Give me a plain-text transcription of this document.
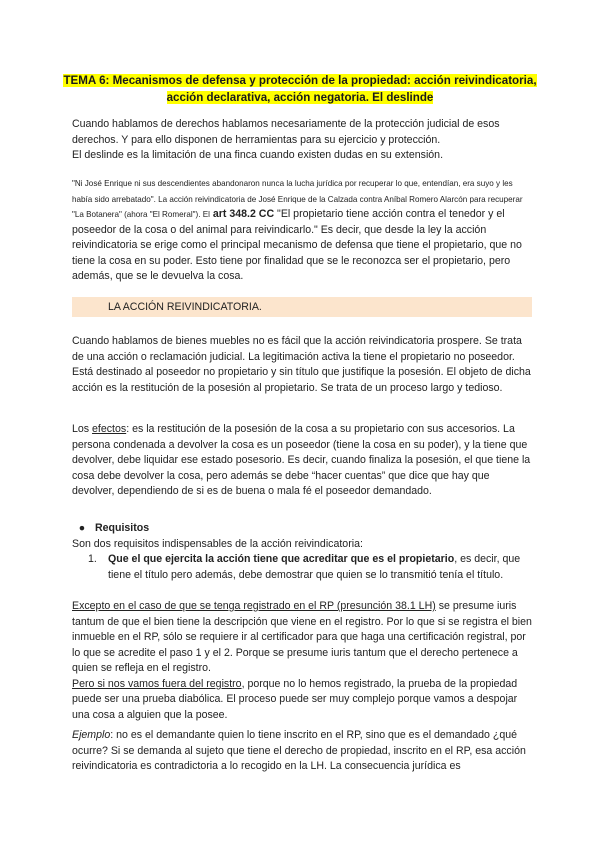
TEMA 6: Mecanismos de defensa y protección de la propiedad: acción reivindicatoria,
acción declarativa, acción negatoria. El deslinde

Cuando hablamos de derechos hablamos necesariamente de la protección judicial de esos derechos. Y para ello disponen de herramientas para su ejercicio y protección.
El deslinde es la limitación de una finca cuando existen dudas en su extensión.

"Ni José Enrique ni sus descendientes abandonaron nunca la lucha jurídica por recuperar lo que, entendían, era suyo y les había sido arrebatado". La acción reivindicatoria de José Enrique de la Calzada contra Aníbal Romero Alarcón para recuperar "La Botanera" (ahora "El Romeral"). El art 348.2 CC "El propietario tiene acción contra el tenedor y el poseedor de la cosa o del animal para reivindicarlo." Es decir, que desde la ley la acción reivindicatoria se erige como el principal mecanismo de defensa que tiene el propietario, que no tiene la cosa en su poder. Esto tiene por finalidad que se le reconozca ser el propietario, pero además, que se le devuelva la cosa.

LA ACCIÓN REIVINDICATORIA.

Cuando hablamos de bienes muebles no es fácil que la acción reivindicatoria prospere. Se trata de una acción o reclamación judicial. La legitimación activa la tiene el propietario no poseedor. Está destinado al poseedor no propietario y sin título que justifique la posesión. El objeto de dicha acción es la restitución de la posesión al propietario. Se trata de un proceso largo y tedioso.

Los efectos: es la restitución de la posesión de la cosa a su propietario con sus accesorios. La persona condenada a devolver la cosa es un poseedor (tiene la cosa en su poder), y la tiene que devolver, debe liquidar ese estado posesorio. Es decir, cuando finaliza la posesión, el que tiene la cosa debe devolver la cosa, pero además se debe “hacer cuentas” que dice que hay que devolver, dependiendo de si es de buena o mala fé el poseedor demandado.

● Requisitos
Son dos requisitos indispensables de la acción reivindicatoria:
1.	Que el que ejercita la acción tiene que acreditar que es el propietario, es decir, que tiene el título pero además, debe demostrar que quien se lo transmitió tenía el título.

Excepto en el caso de que se tenga registrado en el RP (presunción 38.1 LH) se presume iuris tantum de que el bien tiene la descripción que viene en el registro. Por lo que si se registra el bien inmueble en el RP, sólo se requiere ir al certificador para que haga una certificación registral, por lo que se acredite el paso 1 y el 2. Porque se presume iuris tantum que el derecho pertenece a quien se refleja en el registro.
Pero si nos vamos fuera del registro, porque no lo hemos registrado, la prueba de la propiedad puede ser una prueba diabólica. El proceso puede ser muy complejo porque vamos a despojar una cosa a alguien que la posee.

Ejemplo: no es el demandante quien lo tiene inscrito en el RP, sino que es el demandado ¿qué ocurre? Si se demanda al sujeto que tiene el derecho de propiedad, inscrito en el RP, esa acción reivindicatoria es contradictoria a lo recogido en la LH. La consecuencia jurídica es
